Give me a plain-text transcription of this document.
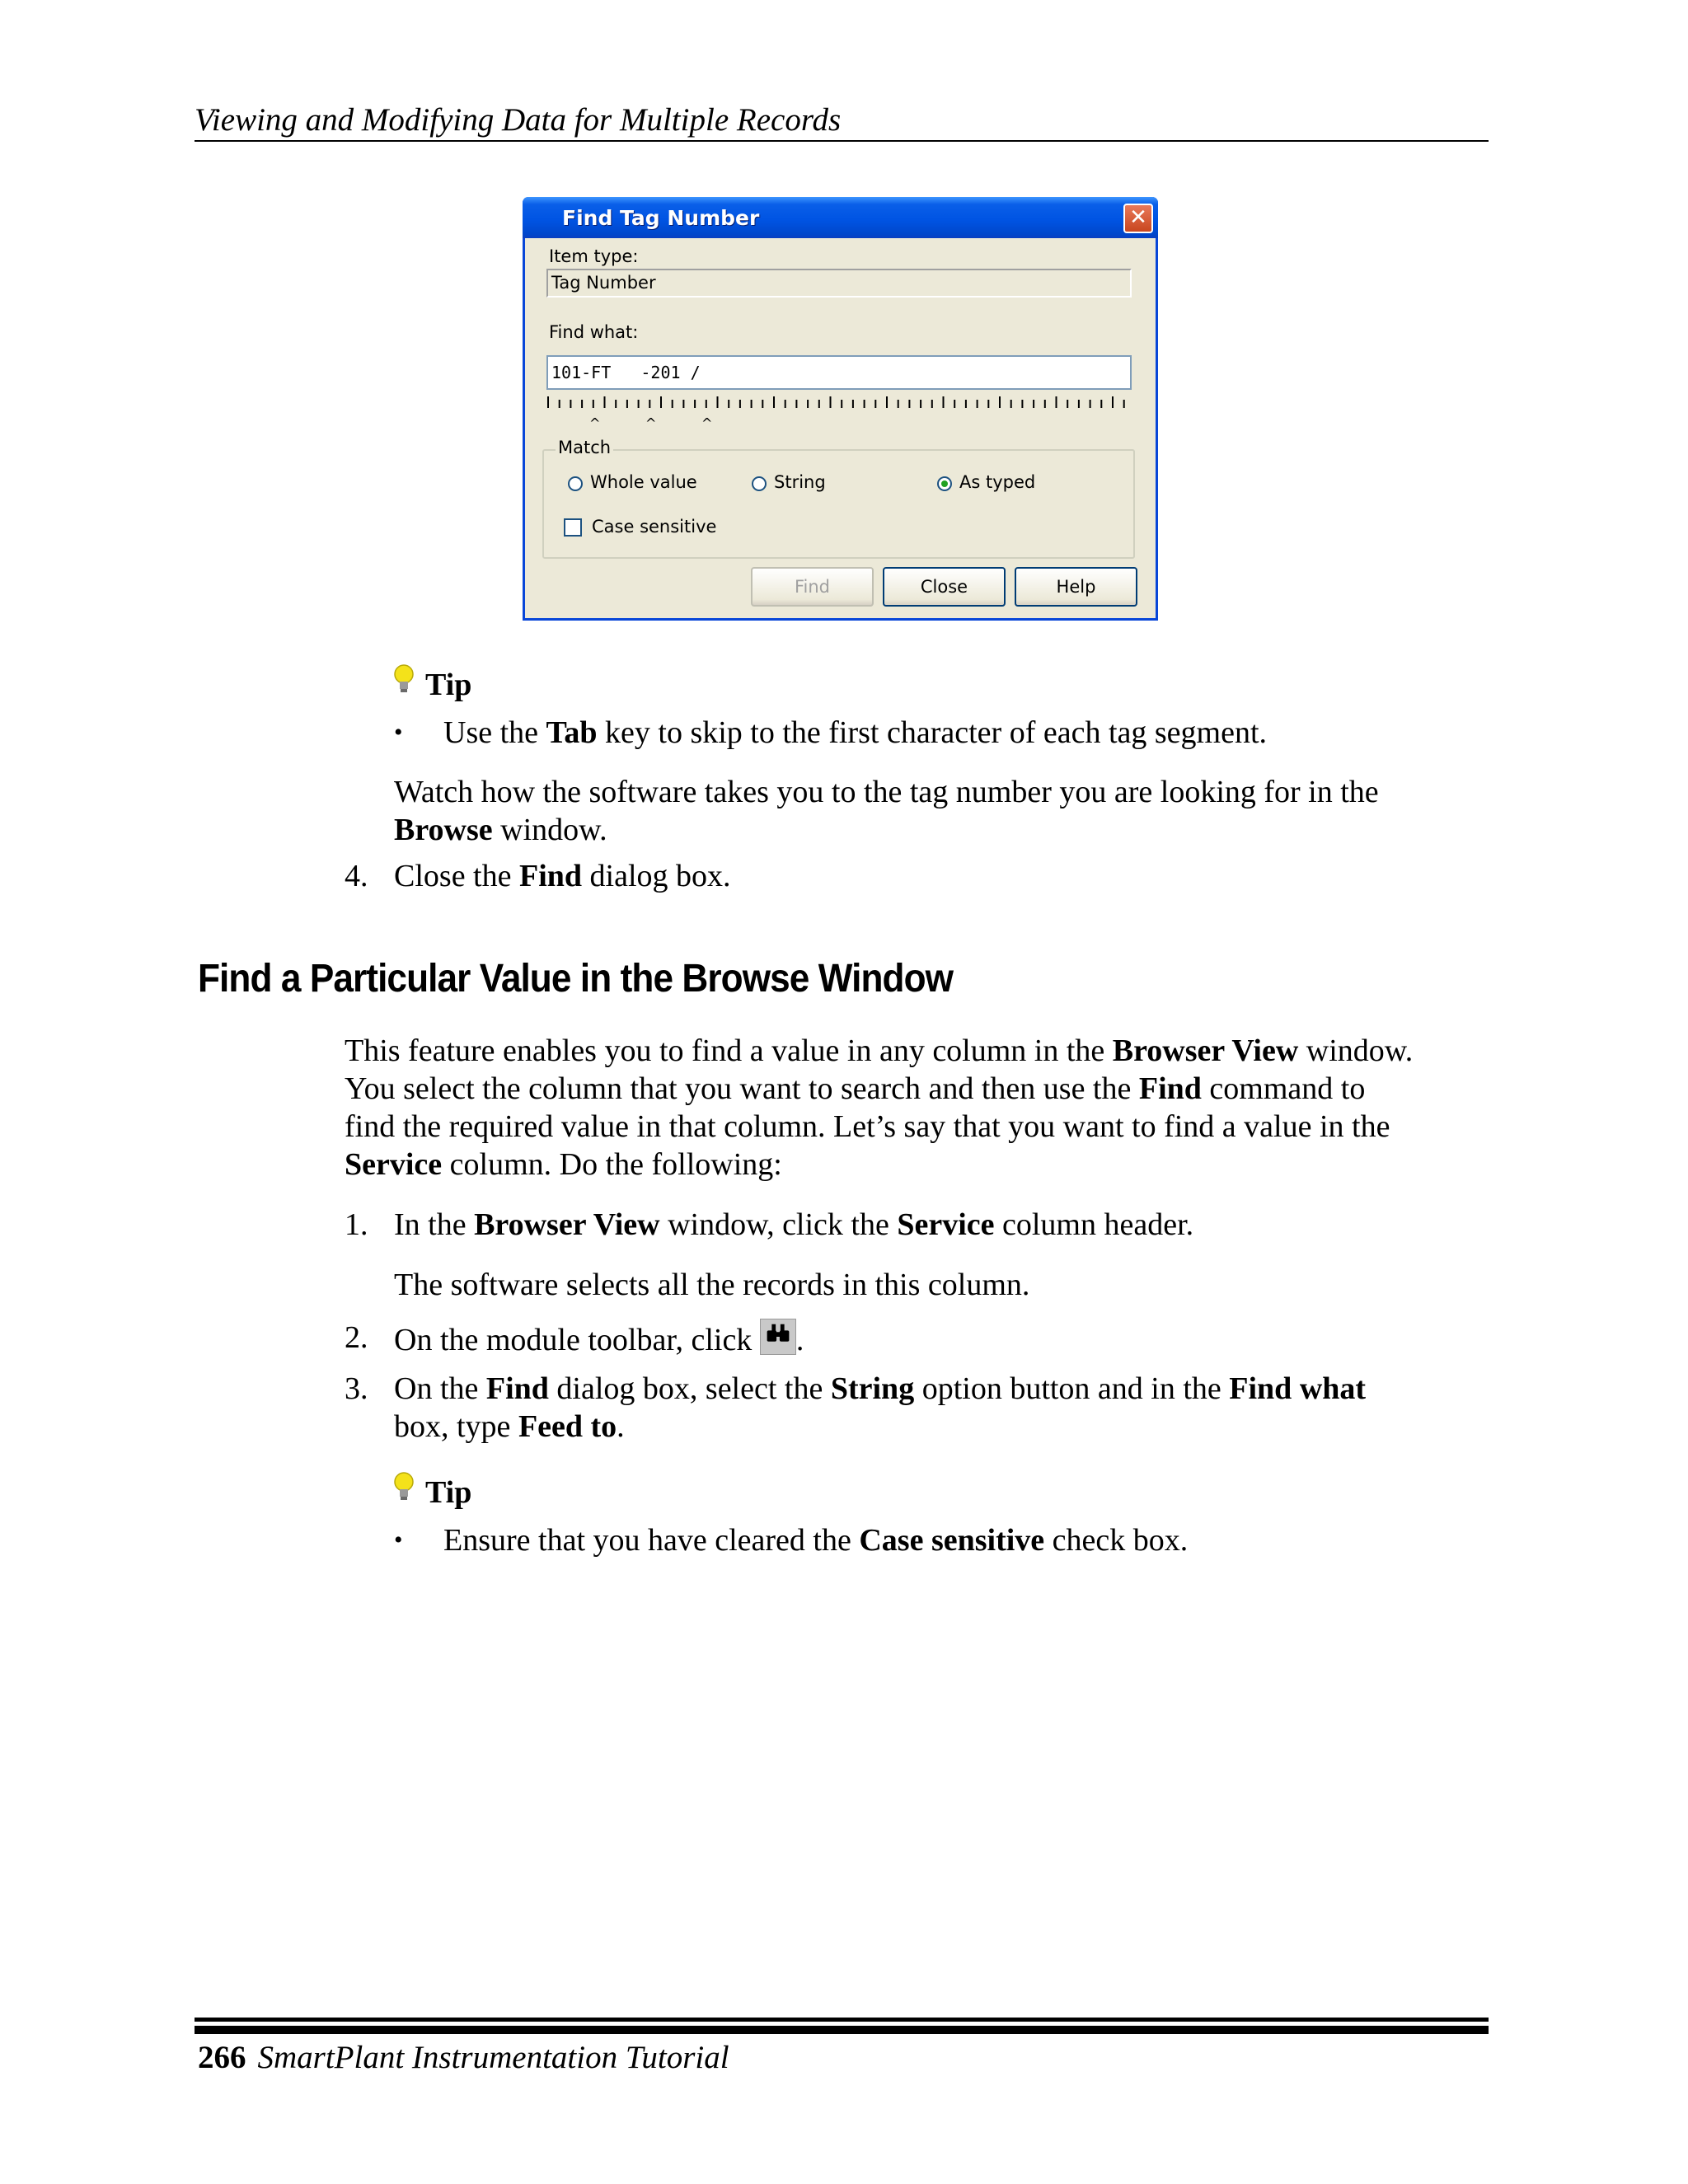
Viewing and Modifying Data for Multiple Records
Find Tag Number	✕
Item type:
Tag Number
Find what:
101-FT   -201 /
^	^	^
Match
Whole value	String	As typed
Case sensitive
Find	Close	Help
Tip
• Use the Tab key to skip to the first character of each tag segment.
Watch how the software takes you to the tag number you are looking for in the
Browse window.
4. Close the Find dialog box.
Find a Particular Value in the Browse Window
This feature enables you to find a value in any column in the Browser View window.
You select the column that you want to search and then use the Find command to
find the required value in that column. Let’s say that you want to find a value in the
Service column. Do the following:
1. In the Browser View window, click the Service column header.
The software selects all the records in this column.
2. On the module toolbar, click .
3. On the Find dialog box, select the String option button and in the Find what
box, type Feed to.
Tip
• Ensure that you have cleared the Case sensitive check box.
266 SmartPlant Instrumentation Tutorial
